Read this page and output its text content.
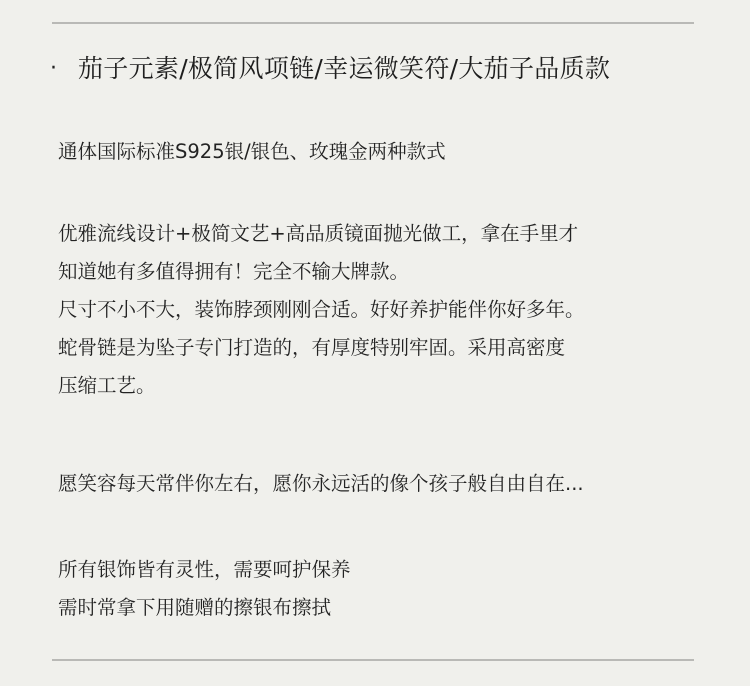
· 茄子元素/极简风项链/幸运微笑符/大茄子品质款

通体国际标准S925银/银色、玫瑰金两种款式

优雅流线设计+极简文艺+高品质镜面抛光做工，拿在手里才
知道她有多值得拥有！完全不输大牌款。
尺寸不小不大，装饰脖颈刚刚合适。好好养护能伴你好多年。
蛇骨链是为坠子专门打造的，有厚度特别牢固。采用高密度
压缩工艺。

愿笑容每天常伴你左右，愿你永远活的像个孩子般自由自在...

所有银饰皆有灵性，需要呵护保养
需时常拿下用随赠的擦银布擦拭
